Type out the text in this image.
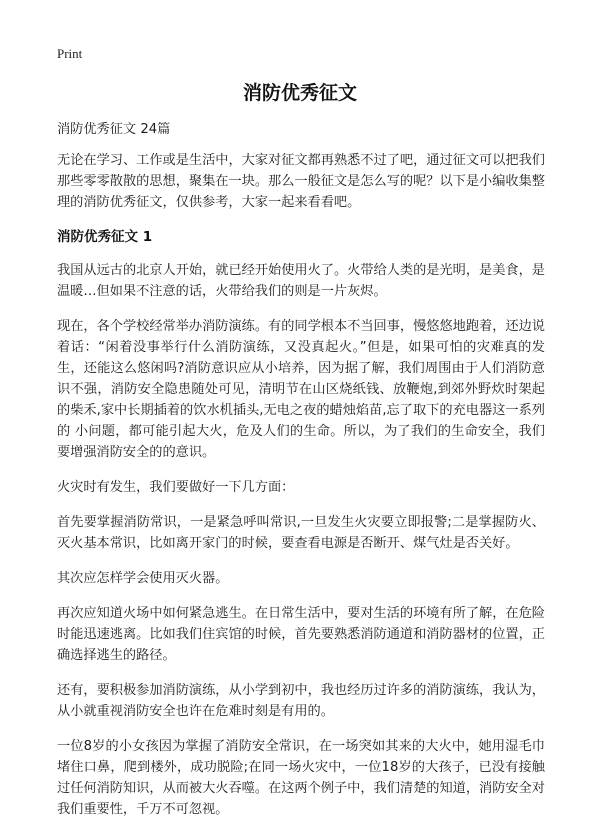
Print
消防优秀征文

消防优秀征文 24篇

无论在学习、工作或是生活中，大家对征文都再熟悉不过了吧，通过征文可以把我们那些零零散散的思想，聚集在一块。那么一般征文是怎么写的呢？以下是小编收集整理的消防优秀征文，仅供参考，大家一起来看看吧。

消防优秀征文 1

我国从远古的北京人开始，就已经开始使用火了。火带给人类的是光明，是美食，是温暖…但如果不注意的话，火带给我们的则是一片灰烬。

现在，各个学校经常举办消防演练。有的同学根本不当回事，慢悠悠地跑着，还边说着话：“闲着没事举行什么消防演练，又没真起火。”但是，如果可怕的灾难真的发生，还能这么悠闲吗?消防意识应从小培养，因为据了解，我们周围由于人们消防意识不强，消防安全隐患随处可见，清明节在山区烧纸钱、放鞭炮,到郊外野炊时架起的柴禾,家中长期插着的饮水机插头,无电之夜的蜡烛焰苗,忘了取下的充电器这一系列的 小问题，都可能引起大火，危及人们的生命。所以，为了我们的生命安全，我们要增强消防安全的的意识。

火灾时有发生，我们要做好一下几方面：

首先要掌握消防常识，一是紧急呼叫常识,一旦发生火灾要立即报警;二是掌握防火、灭火基本常识，比如离开家门的时候，要查看电源是否断开、煤气灶是否关好。

其次应怎样学会使用灭火器。

再次应知道火场中如何紧急逃生。在日常生活中，要对生活的环境有所了解，在危险时能迅速逃离。比如我们住宾馆的时候，首先要熟悉消防通道和消防器材的位置，正确选择逃生的路径。

还有，要积极参加消防演练，从小学到初中，我也经历过许多的消防演练，我认为，从小就重视消防安全也许在危难时刻是有用的。

一位8岁的小女孩因为掌握了消防安全常识，在一场突如其来的大火中，她用湿毛巾堵住口鼻，爬到楼外，成功脱险;在同一场火灾中，一位18岁的大孩子，已没有接触过任何消防知识，从而被大火吞噬。在这两个例子中，我们清楚的知道，消防安全对我们重要性，千万不可忽视。
